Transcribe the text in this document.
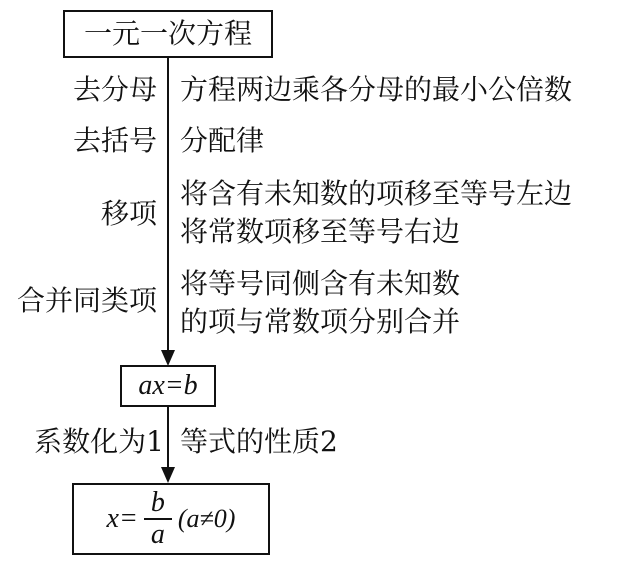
一元一次方程
去分母 方程两边乘各分母的最小公倍数
去括号 分配律
移项
将含有未知数的项移至等号左边
将常数项移至等号右边
合并同类项
将等号同侧含有未知数
的项与常数项分别合并
ax=b
系数化为1 等式的性质2
$x= \frac{b}{a} (a\ne 0)$
